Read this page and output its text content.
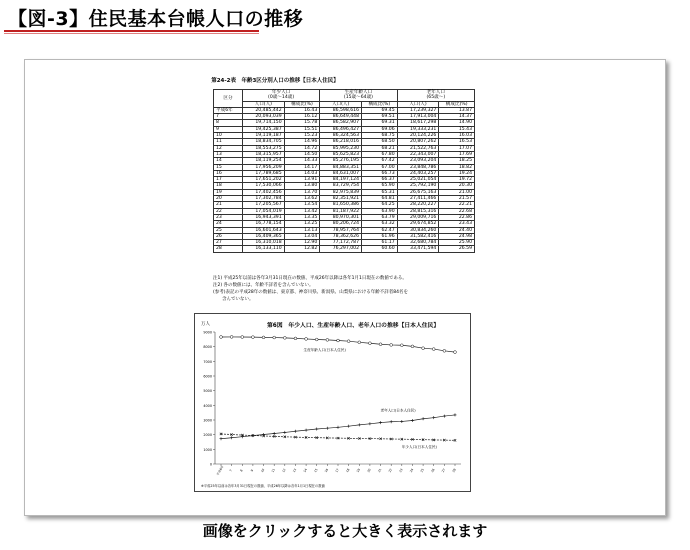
【図-3】住民基本台帳人口の推移
第24-2表　年齢3区分別人口の推移【日本人住民】
区分	年少人口
(0歳～14歳)		生産年齢人口
(15歳～64歳)		老年人口
(65歳～)	
	人口(人)	構成比(%)	人口(人)	構成比(%)	人口(人)	構成比(%)
平成6年	20,485,442	16.43	86,598,616	69.45	17,239,327	13.87
7	20,093,039	16.12	86,649,448	69.51	17,913,004	14.37
8	19,714,150	15.78	86,582,907	69.31	18,617,298	14.90
9	19,425,387	15.51	86,496,427	69.06	19,333,231	15.43
10	19,119,187	15.23	86,324,563	68.75	20,124,226	16.03
11	18,834,705	14.96	86,218,016	68.50	20,807,262	16.53
12	18,553,275	14.72	85,995,230	68.21	21,522,763	17.07
13	18,315,957	14.50	85,625,823	67.80	22,343,007	17.69
14	18,119,254	14.33	85,276,195	67.42	23,093,204	18.25
15	17,956,209	14.17	84,883,351	67.00	23,848,786	18.82
16	17,789,685	14.03	84,631,007	66.73	24,403,257	19.24
17	17,651,202	13.91	84,197,124	66.37	25,021,054	19.72
18	17,530,066	13.80	83,729,754	65.90	25,792,190	20.30
19	17,402,456	13.70	82,975,839	65.31	26,675,163	21.00
20	17,302,784	13.62	82,351,921	64.81	27,411,466	21.57
21	17,205,567	13.54	81,650,386	64.25	28,220,227	22.21
22	17,054,019	13.42	81,187,922	63.90	28,815,316	22.68
23	16,943,391	13.35	80,970,301	63.79	29,009,716	22.86
24	16,778,154	13.25	80,206,724	63.32	29,674,852	23.43
25	16,601,643	13.13	78,957,764	62.47	30,834,260	24.40
26	16,409,365	13.04	78,362,626	61.96	31,582,416	24.98
27	16,310,018	12.90	77,172,787	61.17	32,680,784	25.90
28	16,133,110	12.82	76,297,002	60.60	33,471,594	26.59
注1) 平成25年以前は各年3月31日現在の数値、平成26年以降は各年1月1日現在の数値である。
注2) 各の数値には、年齢不詳者を含んでいない。
(参考)表記の平成28年の数値は、東京都、神奈川県、新潟県、山梨県における年齢不詳者84名を
　　含んでいない。
万人	第6図　年少人口、生産年齢人口、老年人口の推移【日本人住民】
0
1000
2000
3000
4000
5000
6000
7000
8000
9000
平成6年 7 8 9 10 11 12 13 14 15 16 17 18 19 20 21 22 23 24 25 26 27 28
生産年齢人口(日本人住民)
老年人口(日本人住民)
年少人口(日本人住民)
※平成25年以前は各年3月31日現在の数値、平成26年以降は各年1月1日現在の数値
画像をクリックすると大きく表示されます
